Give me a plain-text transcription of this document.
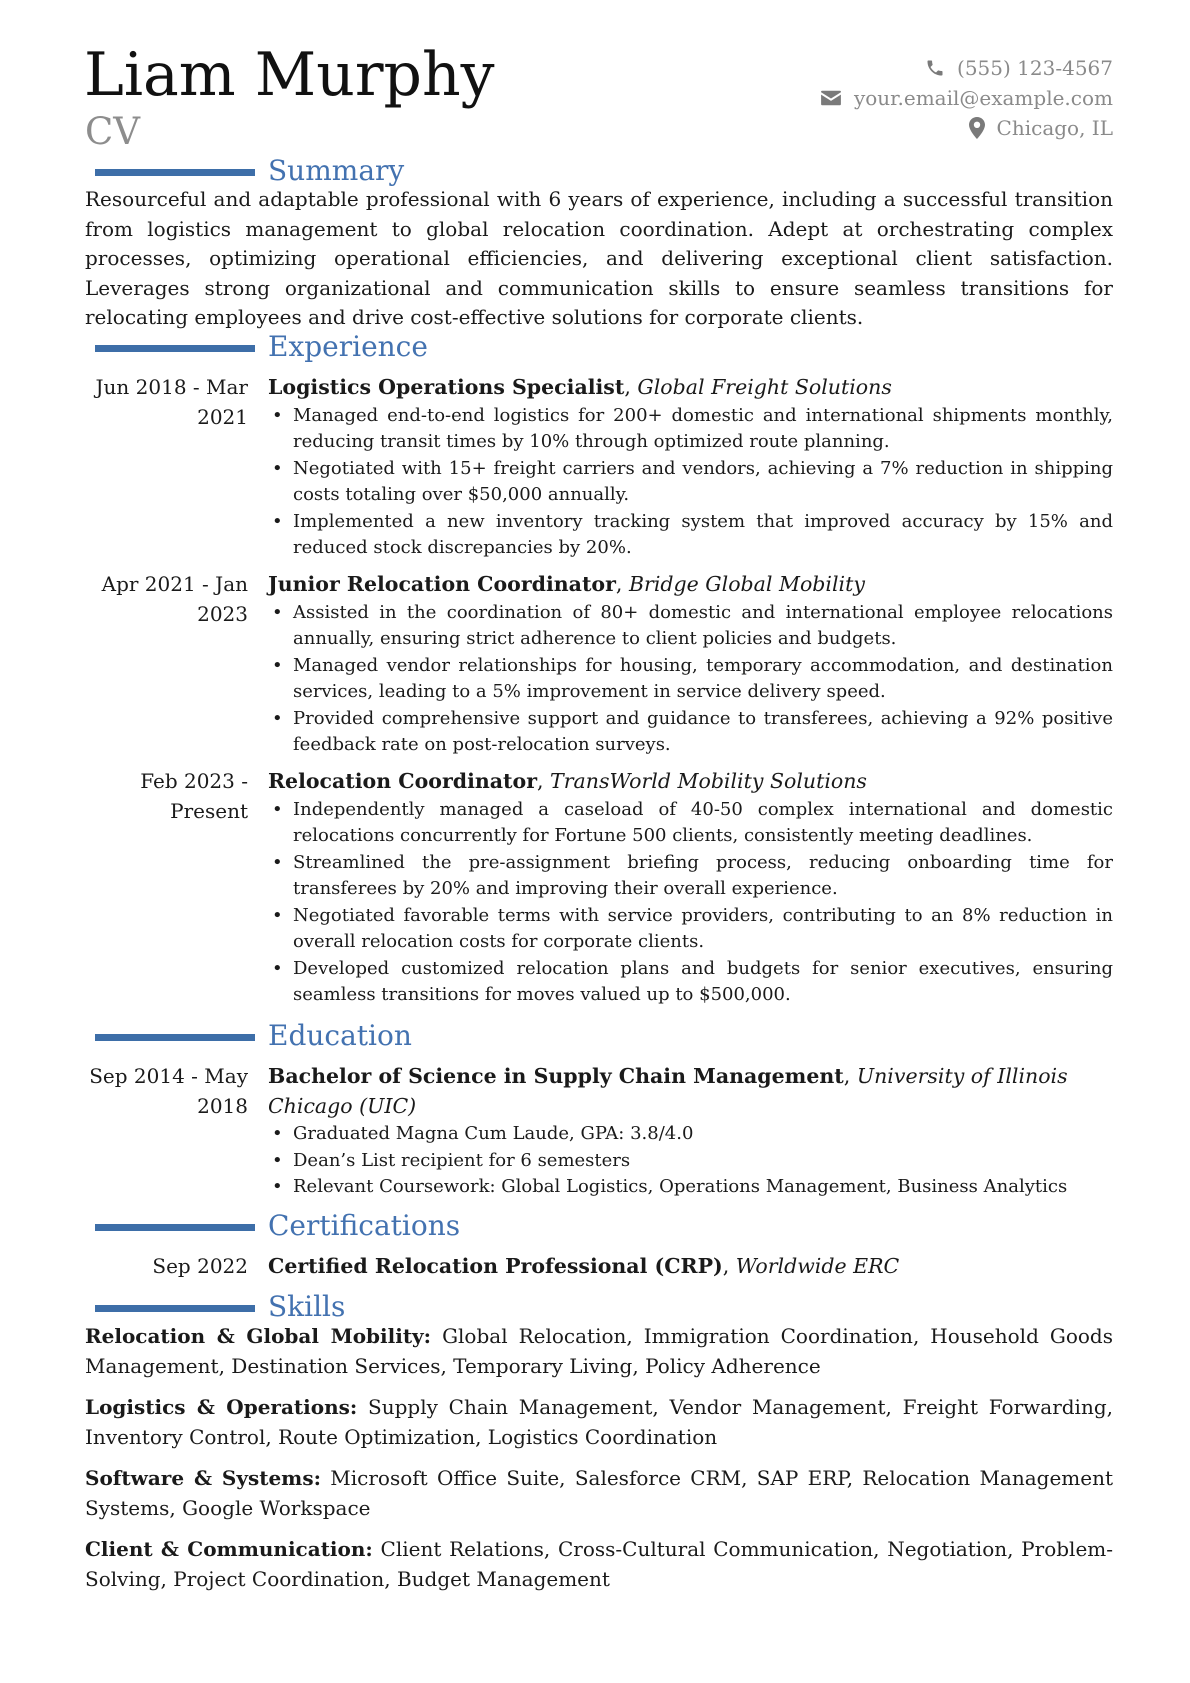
Liam Murphy
CV
(555) 123-4567
your.email@example.com
Chicago, IL
Summary
Resourceful and adaptable professional with 6 years of experience, including a successful transition from logistics management to global relocation coordination. Adept at orchestrating complex processes, optimizing operational efficiencies, and delivering exceptional client satisfaction. Leverages strong organizational and communication skills to ensure seamless transitions for relocating employees and drive cost-effective solutions for corporate clients.
Experience
Jun 2018 - Mar 2021
Logistics Operations Specialist, Global Freight Solutions
• Managed end-to-end logistics for 200+ domestic and international shipments monthly, reducing transit times by 10% through optimized route planning.
• Negotiated with 15+ freight carriers and vendors, achieving a 7% reduction in shipping costs totaling over $50,000 annually.
• Implemented a new inventory tracking system that improved accuracy by 15% and reduced stock discrepancies by 20%.
Apr 2021 - Jan 2023
Junior Relocation Coordinator, Bridge Global Mobility
• Assisted in the coordination of 80+ domestic and international employee relocations annually, ensuring strict adherence to client policies and budgets.
• Managed vendor relationships for housing, temporary accommodation, and destination services, leading to a 5% improvement in service delivery speed.
• Provided comprehensive support and guidance to transferees, achieving a 92% positive feedback rate on post-relocation surveys.
Feb 2023 - Present
Relocation Coordinator, TransWorld Mobility Solutions
• Independently managed a caseload of 40-50 complex international and domestic relocations concurrently for Fortune 500 clients, consistently meeting deadlines.
• Streamlined the pre-assignment briefing process, reducing onboarding time for transferees by 20% and improving their overall experience.
• Negotiated favorable terms with service providers, contributing to an 8% reduction in overall relocation costs for corporate clients.
• Developed customized relocation plans and budgets for senior executives, ensuring seamless transitions for moves valued up to $500,000.
Education
Sep 2014 - May 2018
Bachelor of Science in Supply Chain Management, University of Illinois Chicago (UIC)
• Graduated Magna Cum Laude, GPA: 3.8/4.0
• Dean’s List recipient for 6 semesters
• Relevant Coursework: Global Logistics, Operations Management, Business Analytics
Certifications
Sep 2022 Certified Relocation Professional (CRP), Worldwide ERC
Skills
Relocation & Global Mobility: Global Relocation, Immigration Coordination, Household Goods Management, Destination Services, Temporary Living, Policy Adherence
Logistics & Operations: Supply Chain Management, Vendor Management, Freight Forwarding, Inventory Control, Route Optimization, Logistics Coordination
Software & Systems: Microsoft Office Suite, Salesforce CRM, SAP ERP, Relocation Management Systems, Google Workspace
Client & Communication: Client Relations, Cross-Cultural Communication, Negotiation, Problem-Solving, Project Coordination, Budget Management
